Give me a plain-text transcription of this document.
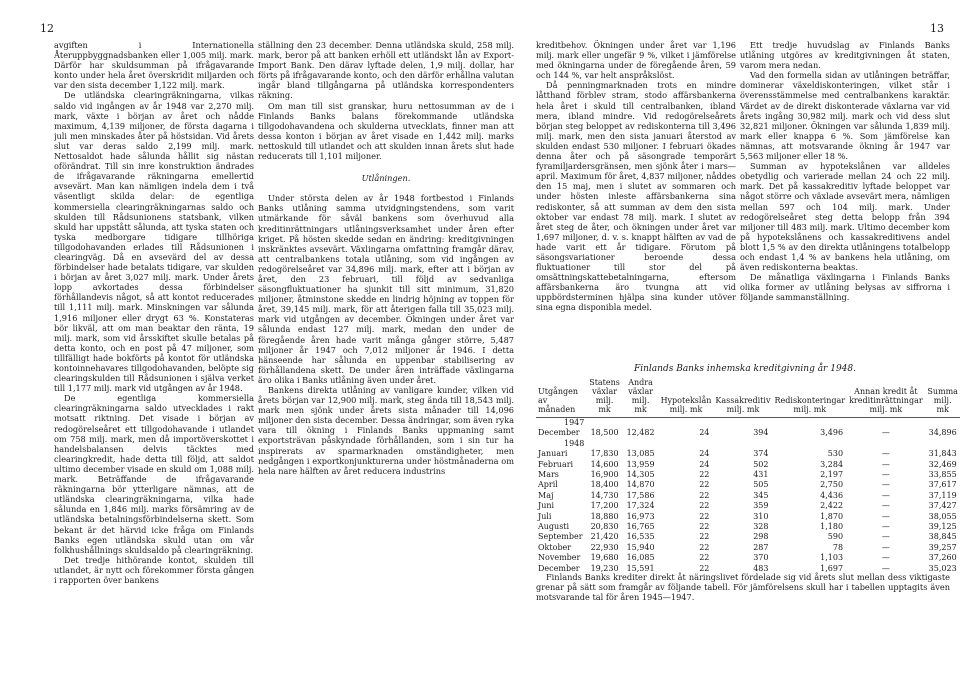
12	13

avgiften i Internationella Återuppbyggnadsbanken eller 1,005 milj. mark. Därför har skuldsumman på ifrågavarande konto under hela året överskridit miljarden och var den sista december 1,122 milj. mark.

De utländska clearingräkningarna, vilkas saldo vid ingången av år 1948 var 2,270 milj. mark, växte i början av året och nådde maximum, 4,139 miljoner, de första dagarna i juli men minskades åter på höstsidan. Vid årets slut var deras saldo 2,199 milj. mark. Nettosaldot hade sålunda hållit sig nästan oförändrat. Till sin inre konstruktion ändrades de ifrågavarande räkningarna emellertid avsevärt. Man kan nämligen indela dem i två väsentligt skilda delar: de egentliga kommersiella clearingräkningarnas saldo och skulden till Rådsunionens statsbank, vilken skuld har uppstått sålunda, att tyska staten och tyska medborgare tidigare tillhöriga tillgodohavanden erlades till Rådsunionen i clearingväg. Då en avsevärd del av dessa förbindelser hade betalats tidigare, var skulden i början av året 3,027 milj. mark. Under årets lopp avkortades dessa förbindelser förhållandevis något, så att kontot reducerades till 1,111 milj. mark. Minskningen var sålunda 1,916 miljoner eller drygt 63 %. Konstateras bör likväl, att om man beaktar den ränta, 19 milj. mark, som vid årsskiftet skulle betalas på detta konto, och en post på 47 miljoner, som tillfälligt hade bokförts på kontot för utländska kontoinnehavares tillgodohavanden, belöpte sig clearingskulden till Rådsunionen i själva verket till 1,177 milj. mark vid utgången av år 1948.

De egentliga kommersiella clearingräkningarna saldo utvecklades i rakt motsatt riktning. Det visade i början av redogörelseåret ett tillgodohavande i utlandet om 758 milj. mark, men då importöverskottet i handelsbalansen delvis täcktes med clearingkredit, hade detta till följd, att saldot ultimo december visade en skuld om 1,088 milj. mark. Beträffande de ifrågavarande räkningarna bör ytterligare nämnas, att de utländska clearingräkningarna, vilka hade sålunda en 1,846 milj. marks försämring av de utländska betalningsförbindelserna skett. Som bekant är det härvid icke fråga om Finlands Banks egen utländska skuld utan om vår folkhushållnings skuldsaldo på clearingräkning.

Det tredje hithörande kontot, skulden till utlandet, är nytt och förekommer första gången i rapporten över bankens

ställning den 23 december. Denna utländska skuld, 258 milj. mark, beror på att banken erhöll ett utländskt lån av Export-Import Bank. Den därav lyftade delen, 1,9 milj. dollar, har förts på ifrågavarande konto, och den därför erhållna valutan ingår bland tillgångarna på utländska korrespondenters räkning.

Om man till sist granskar, huru nettosumman av de i Finlands Banks balans förekommande utländska tillgodohavandena och skulderna utvecklats, finner man att dessa konton i början av året visade en 1,442 milj. marks nettoskuld till utlandet och att skulden innan årets slut hade reducerats till 1,101 miljoner.

Utlåningen.

Under största delen av år 1948 fortbestod i Finlands Banks utlåning samma utvidgningstendens, som varit utmärkande för såväl bankens som överhuvud alla kreditinrättningars utlåningsverksamhet under åren efter kriget. På hösten skedde sedan en ändring: kreditgivningen inskränktes avsevärt. Växlingarna omfattning framgår därav, att centralbankens totala utlåning, som vid ingången av redogörelseåret var 34,896 milj. mark, efter att i början av året, den 23 februari, till följd av sedvanliga säsongfluktuationer ha sjunkit till sitt minimum, 31,820 miljoner, åtminstone skedde en lindrig höjning av toppen för året, 39,145 milj. mark, för att återigen falla till 35,023 milj. mark vid utgången av december. Ökningen under året var sålunda endast 127 milj. mark, medan den under de föregående åren hade varit många gånger större, 5,487 miljoner år 1947 och 7,012 miljoner år 1946. I detta hänseende har sålunda en uppenbar stabilisering av förhållandena skett. De under åren inträffade växlingarna äro olika i Banks utlåning även under året.

Bankens direkta utlåning av vanligare kunder, vilken vid årets början var 12,900 milj. mark, steg ända till 18,543 milj. mark men sjönk under årets sista månader till 14,096 miljoner den sista december. Dessa ändringar, som även ryka vara till ökning i Finlands Banks uppmaning samt exportsträvan påskyndade förhållanden, som i sin tur ha inspirerats av sparmarknaden omständigheter, men nedgången i exportkonjunkturerna under höstmånaderna om hela nare hälften av året reducera industrins

kreditbehov. Ökningen under året var 1,196 milj. mark eller ungefär 9 %, vilket i jämförelse med ökningarna under de föregående åren, 59 och 144 %, var helt anspråkslöst.

Då penningmarknaden trots en mindre låtthand förblev stram, stodo affärsbankerna hela året i skuld till centralbanken, ibland mera, ibland mindre. Vid redogörelseårets början steg beloppet av rediskonterna till 3,496 milj. mark, men den sista januari återstod av skulden endast 530 miljoner. I februari ökades denna åter och på säsongrade temporärt fyramiljardersgränsen, men sjönk åter i mars—april. Maximum för året, 4,837 miljoner, nåddes den 15 maj, men i slutet av sommaren och under hösten inleste affärsbankerna sina rediskonter, så att summan av dem den sista oktober var endast 78 milj. mark. I slutet av året steg de åter, och ökningen under året var 1,697 miljoner, d. v. s. knappt hälften av vad de hade varit ett år tidigare. Förutom på säsongsvariationer beroende dessa fluktuationer till stor del på omsättningskattebetalningarna, eftersom affärsbankerna äro tvungna att vid uppbördsterminen hjälpa sina kunder utöver sina egna disponibla medel.

Ett tredje huvudslag av Finlands Banks utlåning utgöres av kreditgivningen åt staten, varom mera nedan.

Vad den formella sidan av utlåningen beträffar, dominerar växeldiskonteringen, vilket står i överensstämmelse med centralbankens karaktär. Värdet av de direkt diskonterade växlarna var vid årets ingång 30,982 milj. mark och vid dess slut 32,821 miljoner. Ökningen var sålunda 1,839 milj. mark eller knappa 6 %. Som jämförelse kan nämnas, att motsvarande ökning år 1947 var 5,563 miljoner eller 18 %.

Summan av hypotekslånen var alldeles obetydlig och varierade mellan 24 och 22 milj. mark. Det på kassakreditiv lyftade beloppet var något större och växlade avsevärt mera, nämligen mellan 597 och 104 milj. mark. Under redogörelseåret steg detta belopp från 394 miljoner till 483 milj. mark. Ultimo december kom på hypotekslånens och kassakreditivens andel blott 1,5 % av den direkta utlåningens totalbelopp och endast 1,4 % av bankens hela utlåning, om även rediskonterna beaktas.

De månatliga växlingarna i Finlands Banks olika former av utlåning belysas av siffrorna i följande sammanställning.

Finlands Banks inhemska kreditgivning år 1948.
Utgången av månaden	Statens växlar milj. mk	Andra växlar milj. mk	Hypotekslån milj. mk	Kassakreditiv milj. mk	Rediskonteringar milj. mk	Annan kredit åt kreditinrättningar milj. mk	Summa milj. mk
1947							
December	18,500	12,482	24	394	3,496	—	34,896
1948							
Januari	17,830	13,085	24	374	530	—	31,843
Februari	14,600	13,959	24	502	3,284	—	32,469
Mars	16,900	14,305	22	431	2,197	—	33,855
April	18,400	14,870	22	505	2,750	—	37,617
Maj	14,730	17,586	22	345	4,436	—	37,119
Juni	17,200	17,324	22	359	2,422	—	37,427
Juli	18,880	16,973	22	310	1,870	—	38,055
Augusti	20,830	16,765	22	328	1,180	—	39,125
September	21,420	16,535	22	298	590	—	38,845
Oktober	22,930	15,940	22	287	78	—	39,257
November	19,680	16,085	22	370	1,103	—	37,260
December	19,230	15,591	22	483	1,697	—	35,023

Finlands Banks krediter direkt åt näringslivet fördelade sig vid årets slut mellan dess viktigaste grenar på sätt som framgår av följande tabell. För jämförelsens skull har i tabellen upptagits även motsvarande tal för åren 1945—1947.
